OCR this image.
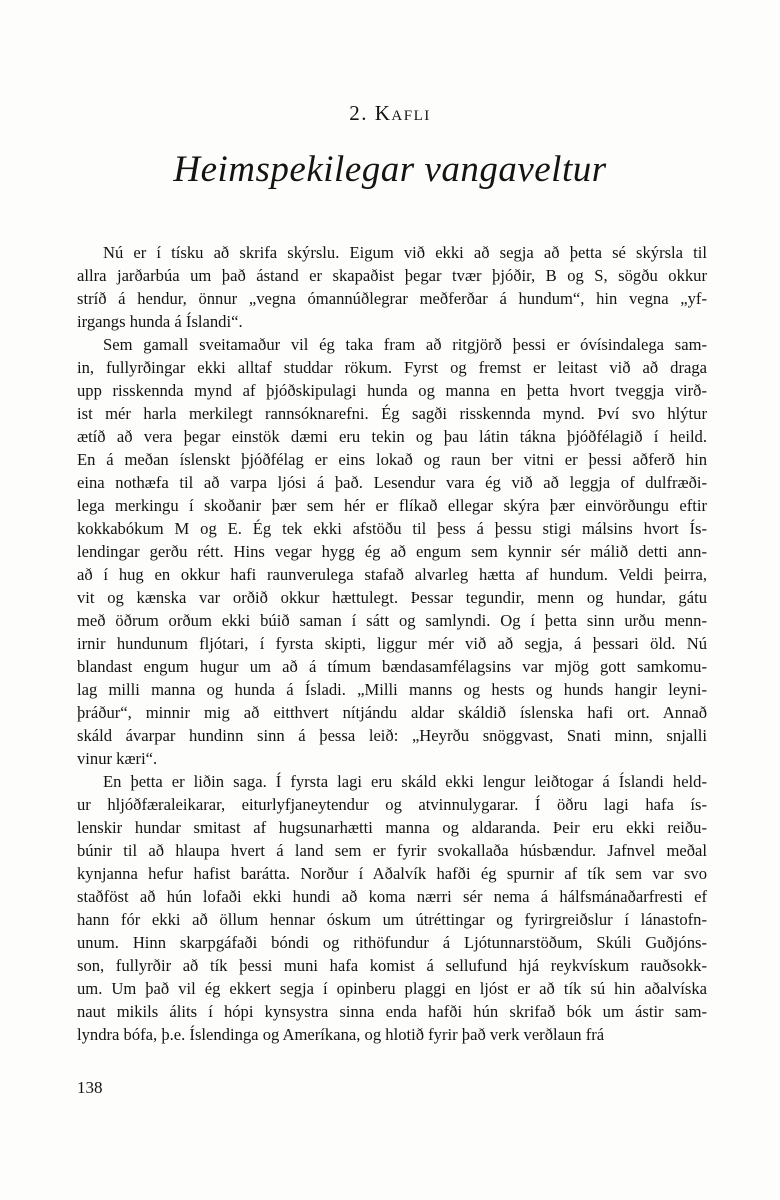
2. Kafli
Heimspekilegar vangaveltur
Nú er í tísku að skrifa skýrslu. Eigum við ekki að segja að þetta sé skýrsla til
allra jarðarbúa um það ástand er skapaðist þegar tvær þjóðir, B og S, sögðu okkur
stríð á hendur, önnur „vegna ómannúðlegrar meðferðar á hundum“, hin vegna „yf-
irgangs hunda á Íslandi“.
Sem gamall sveitamaður vil ég taka fram að ritgjörð þessi er óvísindalega sam-
in, fullyrðingar ekki alltaf studdar rökum. Fyrst og fremst er leitast við að draga
upp risskennda mynd af þjóðskipulagi hunda og manna en þetta hvort tveggja virð-
ist mér harla merkilegt rannsóknarefni. Ég sagði risskennda mynd. Því svo hlýtur
ætíð að vera þegar einstök dæmi eru tekin og þau látin tákna þjóðfélagið í heild.
En á meðan íslenskt þjóðfélag er eins lokað og raun ber vitni er þessi aðferð hin
eina nothæfa til að varpa ljósi á það. Lesendur vara ég við að leggja of dulfræði-
lega merkingu í skoðanir þær sem hér er flíkað ellegar skýra þær einvörðungu eftir
kokkabókum M og E. Ég tek ekki afstöðu til þess á þessu stigi málsins hvort Ís-
lendingar gerðu rétt. Hins vegar hygg ég að engum sem kynnir sér málið detti ann-
að í hug en okkur hafi raunverulega stafað alvarleg hætta af hundum. Veldi þeirra,
vit og kænska var orðið okkur hættulegt. Þessar tegundir, menn og hundar, gátu
með öðrum orðum ekki búið saman í sátt og samlyndi. Og í þetta sinn urðu menn-
irnir hundunum fljótari, í fyrsta skipti, liggur mér við að segja, á þessari öld. Nú
blandast engum hugur um að á tímum bændasamfélagsins var mjög gott samkomu-
lag milli manna og hunda á Ísladi. „Milli manns og hests og hunds hangir leyni-
þráður“, minnir mig að eitthvert nítjándu aldar skáldið íslenska hafi ort. Annað
skáld ávarpar hundinn sinn á þessa leið: „Heyrðu snöggvast, Snati minn, snjalli
vinur kæri“.
En þetta er liðin saga. Í fyrsta lagi eru skáld ekki lengur leiðtogar á Íslandi held-
ur hljóðfæraleikarar, eiturlyfjaneytendur og atvinnulygarar. Í öðru lagi hafa ís-
lenskir hundar smitast af hugsunarhætti manna og aldaranda. Þeir eru ekki reiðu-
búnir til að hlaupa hvert á land sem er fyrir svokallaða húsbændur. Jafnvel meðal
kynjanna hefur hafist barátta. Norður í Aðalvík hafði ég spurnir af tík sem var svo
staðföst að hún lofaði ekki hundi að koma nærri sér nema á hálfsmánaðarfresti ef
hann fór ekki að öllum hennar óskum um útréttingar og fyrirgreiðslur í lánastofn-
unum. Hinn skarpgáfaði bóndi og rithöfundur á Ljótunnarstöðum, Skúli Guðjóns-
son, fullyrðir að tík þessi muni hafa komist á sellufund hjá reykvískum rauðsokk-
um. Um það vil ég ekkert segja í opinberu plaggi en ljóst er að tík sú hin aðalvíska
naut mikils álits í hópi kynsystra sinna enda hafði hún skrifað bók um ástir sam-
lyndra bófa, þ.e. Íslendinga og Ameríkana, og hlotið fyrir það verk verðlaun frá
138
